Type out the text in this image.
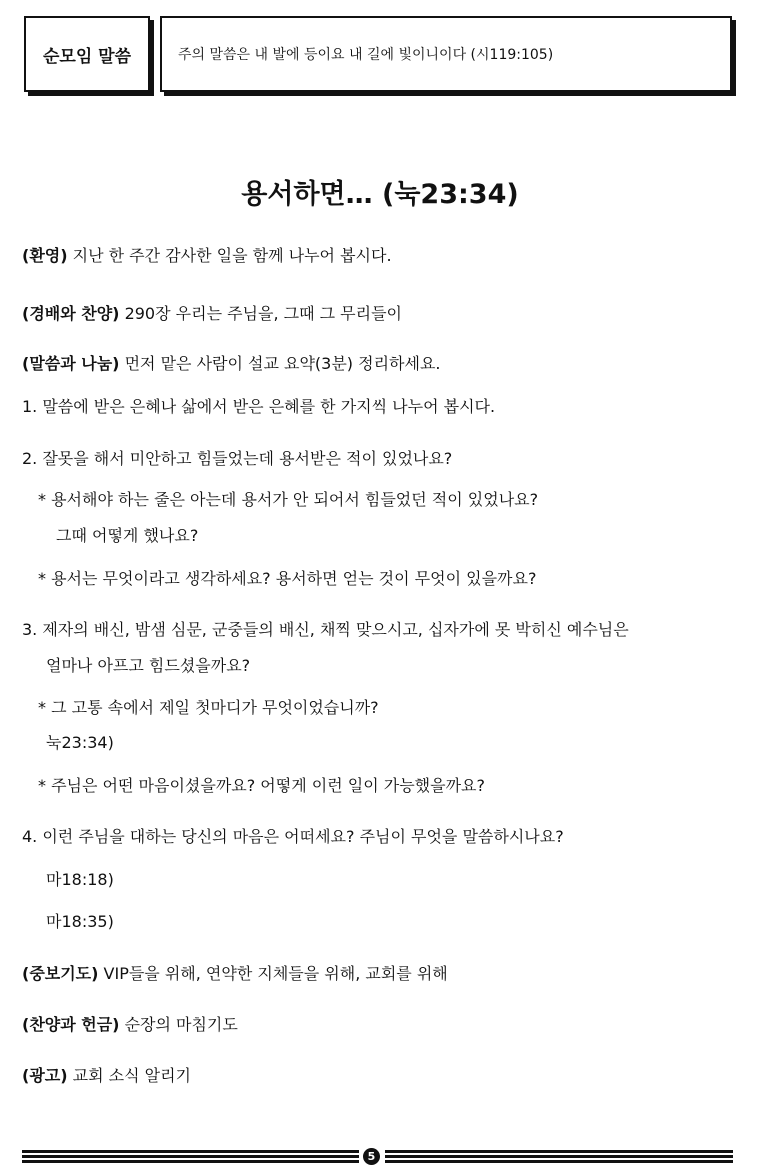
순모임 말씀	주의 말씀은 내 발에 등이요 내 길에 빛이니이다 (시119:105)
용서하면… (눅23:34)
(환영) 지난 한 주간 감사한 일을 함께 나누어 봅시다.
(경배와 찬양) 290장 우리는 주님을, 그때 그 무리들이
(말씀과 나눔) 먼저 맡은 사람이 설교 요약(3분) 정리하세요.
1. 말씀에 받은 은혜나 삶에서 받은 은혜를 한 가지씩 나누어 봅시다.
2. 잘못을 해서 미안하고 힘들었는데 용서받은 적이 있었나요?
* 용서해야 하는 줄은 아는데 용서가 안 되어서 힘들었던 적이 있었나요?
그때 어떻게 했나요?
* 용서는 무엇이라고 생각하세요? 용서하면 얻는 것이 무엇이 있을까요?
3. 제자의 배신, 밤샘 심문, 군중들의 배신, 채찍 맞으시고, 십자가에 못 박히신 예수님은
얼마나 아프고 힘드셨을까요?
* 그 고통 속에서 제일 첫마디가 무엇이었습니까?
눅23:34)
* 주님은 어떤 마음이셨을까요? 어떻게 이런 일이 가능했을까요?
4. 이런 주님을 대하는 당신의 마음은 어떠세요? 주님이 무엇을 말씀하시나요?
마18:18)
마18:35)
(중보기도) VIP들을 위해, 연약한 지체들을 위해, 교회를 위해
(찬양과 헌금) 순장의 마침기도
(광고) 교회 소식 알리기
5
